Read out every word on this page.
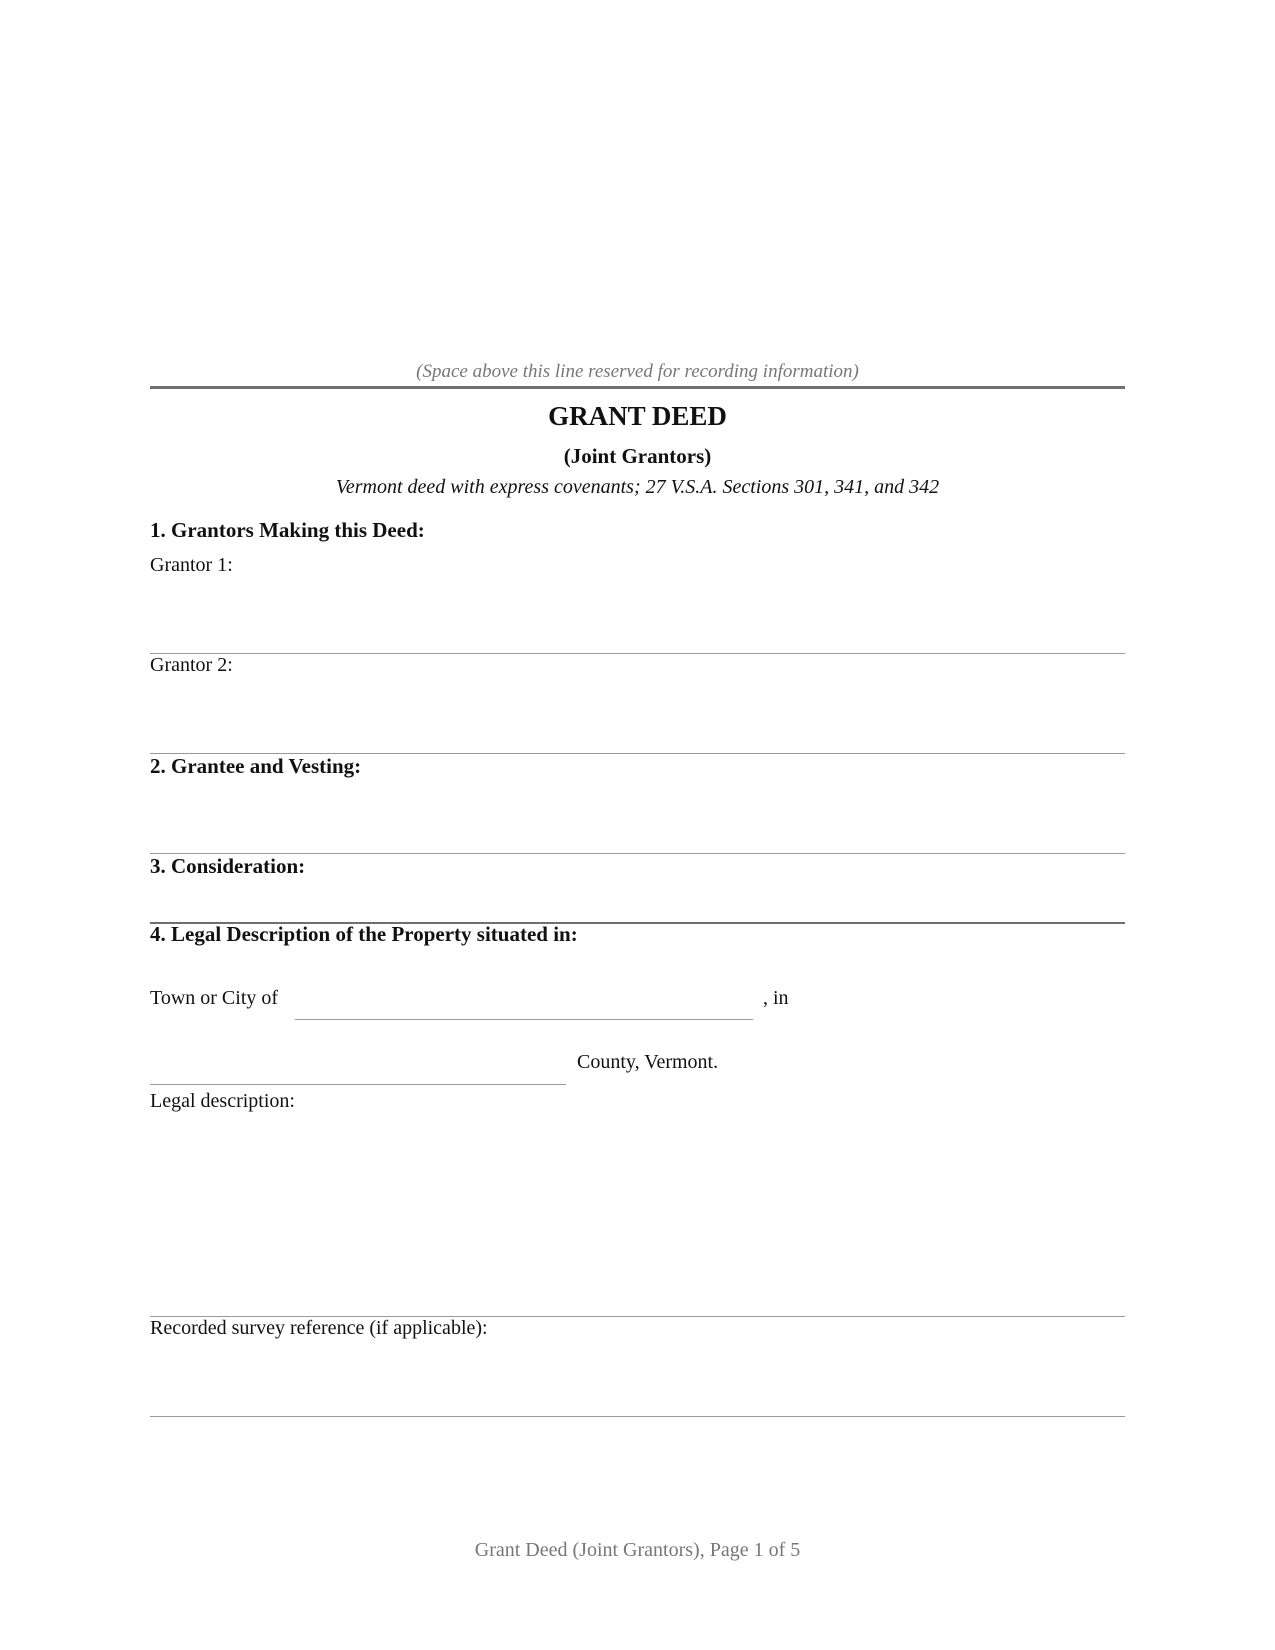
(Space above this line reserved for recording information)
GRANT DEED
(Joint Grantors)
Vermont deed with express covenants; 27 V.S.A. Sections 301, 341, and 342
1. Grantors Making this Deed:
Grantor 1:
Grantor 2:
2. Grantee and Vesting:
3. Consideration:
4. Legal Description of the Property situated in:
Town or City of	, in
County, Vermont.
Legal description:
Recorded survey reference (if applicable):
Grant Deed (Joint Grantors), Page 1 of 5
